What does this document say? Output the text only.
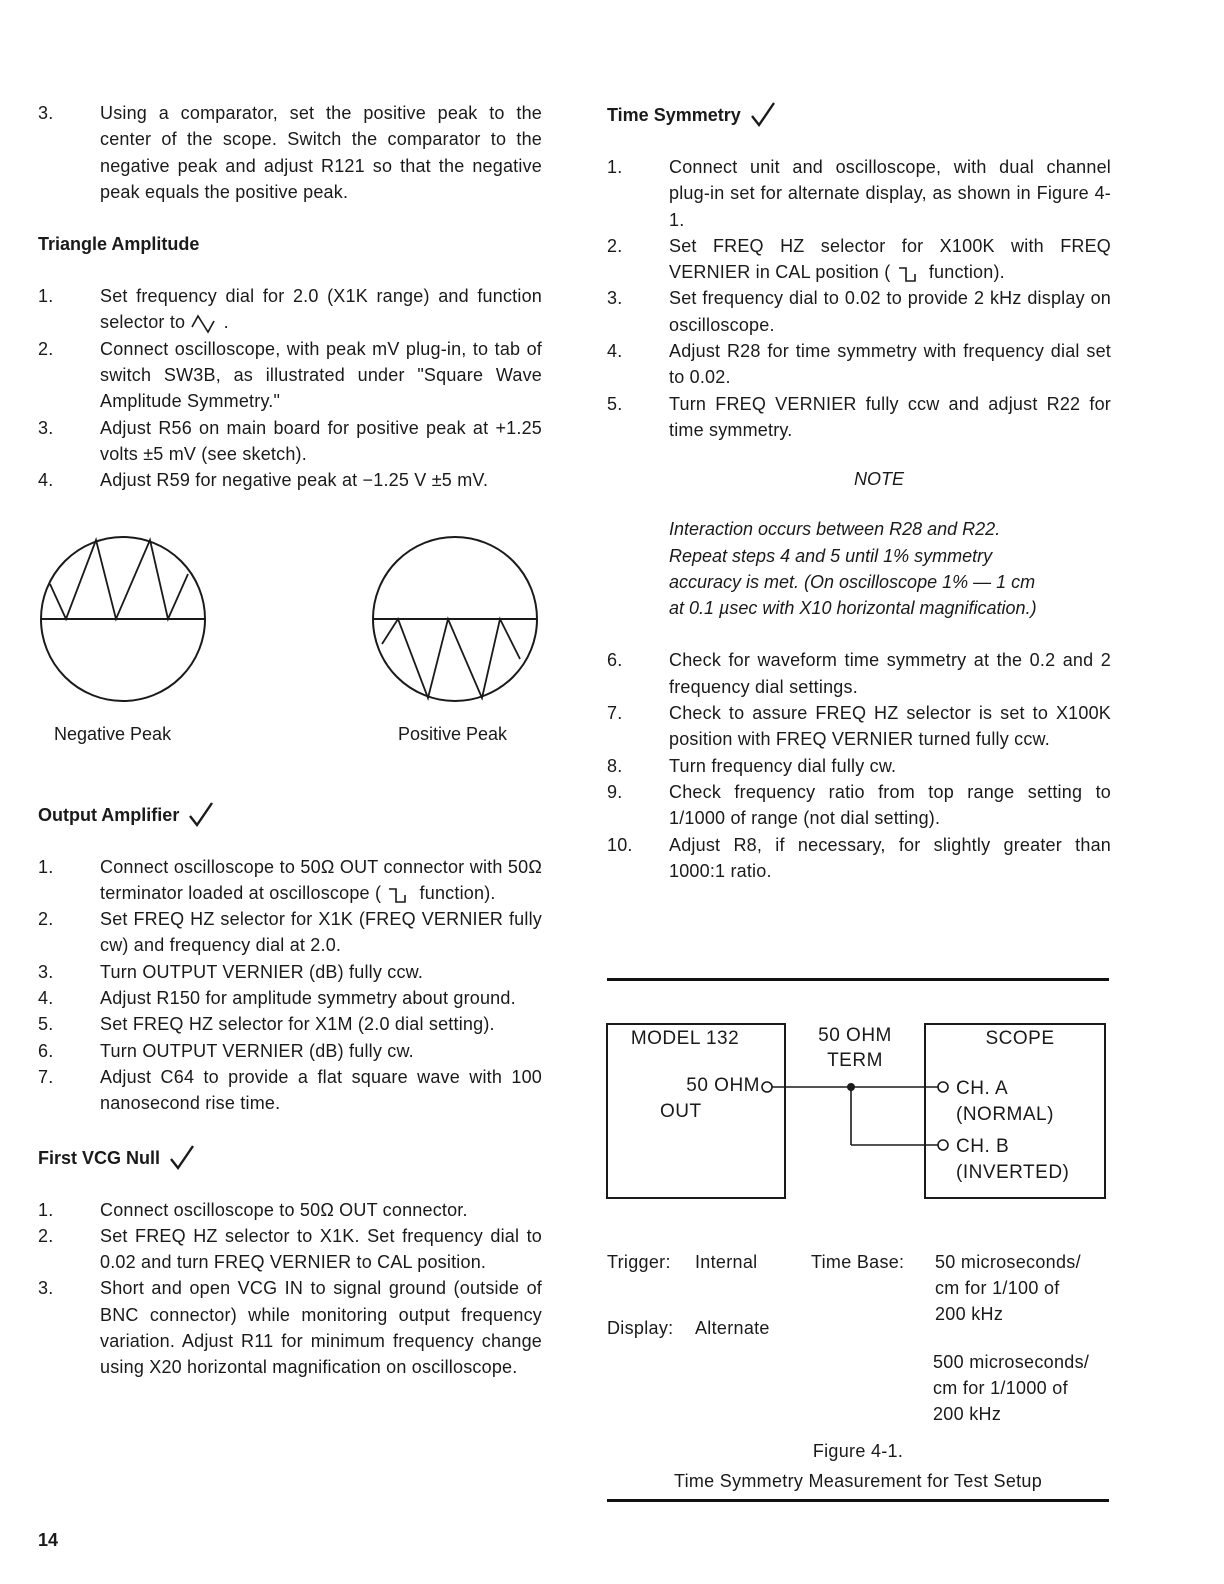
3.	Using a comparator, set the positive peak to the center of the scope. Switch the comparator to the negative peak and adjust R121 so that the negative peak equals the positive peak.
Triangle Amplitude
1.	Set frequency dial for 2.0 (X1K range) and function selector to .
2.	Connect oscilloscope, with peak mV plug-in, to tab of switch SW3B, as illustrated under "Square Wave Amplitude Symmetry."
3.	Adjust R56 on main board for positive peak at +1.25 volts ±5 mV (see sketch).
4.	Adjust R59 for negative peak at −1.25 V ±5 mV.
Negative Peak	Positive Peak
Output Amplifier
1.	Connect oscilloscope to 50Ω OUT connector with 50Ω terminator loaded at oscilloscope ( function).
2.	Set FREQ HZ selector for X1K (FREQ VERNIER fully cw) and frequency dial at 2.0.
3.	Turn OUTPUT VERNIER (dB) fully ccw.
4.	Adjust R150 for amplitude symmetry about ground.
5.	Set FREQ HZ selector for X1M (2.0 dial setting).
6.	Turn OUTPUT VERNIER (dB) fully cw.
7.	Adjust C64 to provide a flat square wave with 100 nanosecond rise time.
First VCG Null
1.	Connect oscilloscope to 50Ω OUT connector.
2.	Set FREQ HZ selector to X1K. Set frequency dial to 0.02 and turn FREQ VERNIER to CAL position.
3.	Short and open VCG IN to signal ground (outside of BNC connector) while monitoring output frequency variation. Adjust R11 for minimum frequency change using X20 horizontal magnification on oscilloscope.
Time Symmetry
1.	Connect unit and oscilloscope, with dual channel plug-in set for alternate display, as shown in Figure 4-1.
2.	Set FREQ HZ selector for X100K with FREQ VERNIER in CAL position ( function).
3.	Set frequency dial to 0.02 to provide 2 kHz display on oscilloscope.
4.	Adjust R28 for time symmetry with frequency dial set to 0.02.
5.	Turn FREQ VERNIER fully ccw and adjust R22 for time symmetry.
NOTE
Interaction occurs between R28 and R22. Repeat steps 4 and 5 until 1% symmetry accuracy is met. (On oscilloscope 1% — 1 cm at 0.1 µsec with X10 horizontal magnification.)
6.	Check for waveform time symmetry at the 0.2 and 2 frequency dial settings.
7.	Check to assure FREQ HZ selector is set to X100K position with FREQ VERNIER turned fully ccw.
8.	Turn frequency dial fully cw.
9.	Check frequency ratio from top range setting to 1/1000 of range (not dial setting).
10.	Adjust R8, if necessary, for slightly greater than 1000:1 ratio.
MODEL 132
50 OHM
OUT
50 OHM
TERM
SCOPE
CH. A
(NORMAL)
CH. B
(INVERTED)
Trigger: Internal
Display: Alternate
Time Base: 50 microseconds/
cm for 1/100 of
200 kHz
500 microseconds/
cm for 1/1000 of
200 kHz
Figure 4-1.
Time Symmetry Measurement for Test Setup
14
